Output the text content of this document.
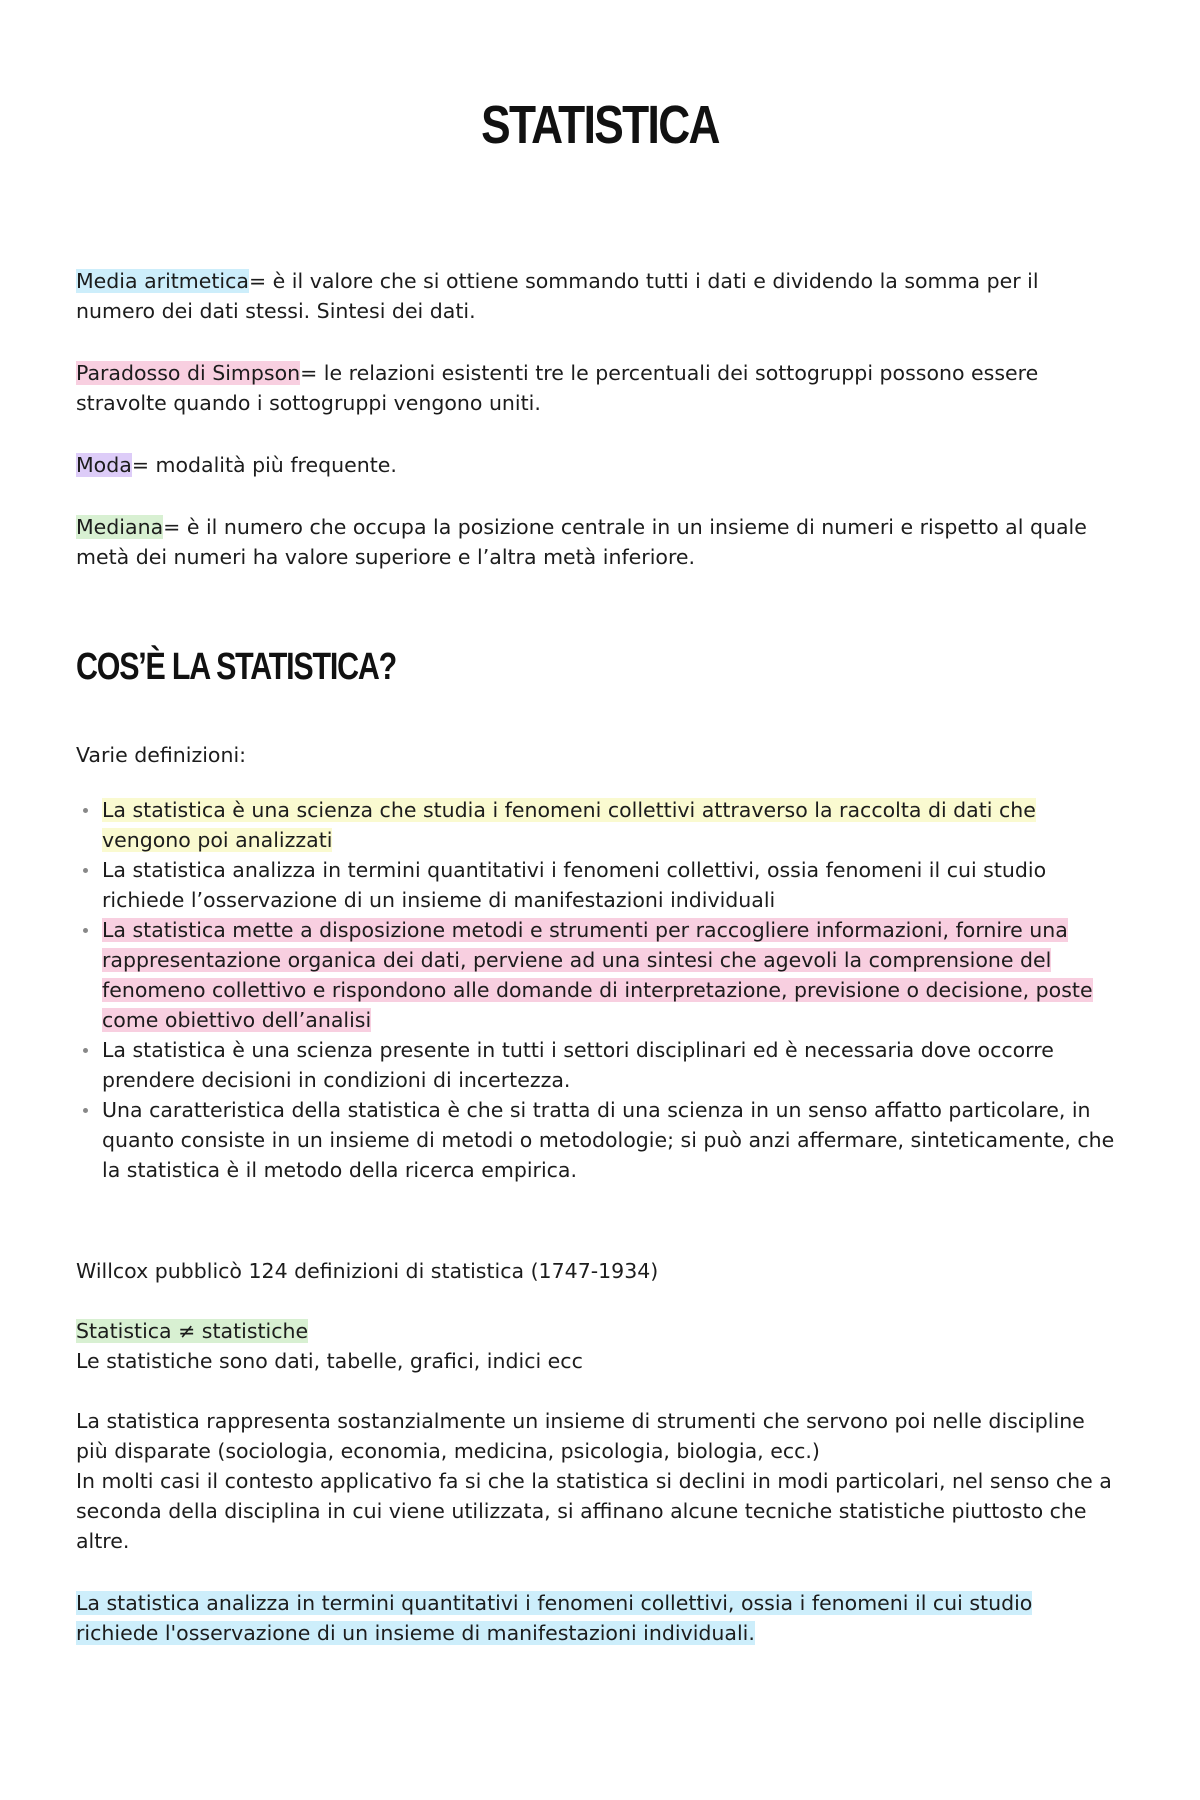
STATISTICA
Media aritmetica= è il valore che si ottiene sommando tutti i dati e dividendo la somma per il numero dei dati stessi. Sintesi dei dati.
Paradosso di Simpson= le relazioni esistenti tre le percentuali dei sottogruppi possono essere stravolte quando i sottogruppi vengono uniti.
Moda= modalità più frequente.
Mediana= è il numero che occupa la posizione centrale in un insieme di numeri e rispetto al quale metà dei numeri ha valore superiore e l’altra metà inferiore.
COS’È LA STATISTICA?
Varie definizioni:
La statistica è una scienza che studia i fenomeni collettivi attraverso la raccolta di dati che vengono poi analizzati
La statistica analizza in termini quantitativi i fenomeni collettivi, ossia fenomeni il cui studio richiede l’osservazione di un insieme di manifestazioni individuali
La statistica mette a disposizione metodi e strumenti per raccogliere informazioni, fornire una rappresentazione organica dei dati, perviene ad una sintesi che agevoli la comprensione del fenomeno collettivo e rispondono alle domande di interpretazione, previsione o decisione, poste come obiettivo dell’analisi
La statistica è una scienza presente in tutti i settori disciplinari ed è necessaria dove occorre prendere decisioni in condizioni di incertezza.
Una caratteristica della statistica è che si tratta di una scienza in un senso affatto particolare, in quanto consiste in un insieme di metodi o metodologie; si può anzi affermare, sinteticamente, che la statistica è il metodo della ricerca empirica.
Willcox pubblicò 124 definizioni di statistica (1747-1934)
Statistica ≠ statistiche
Le statistiche sono dati, tabelle, grafici, indici ecc
La statistica rappresenta sostanzialmente un insieme di strumenti che servono poi nelle discipline più disparate (sociologia, economia, medicina, psicologia, biologia, ecc.)
In molti casi il contesto applicativo fa si che la statistica si declini in modi particolari, nel senso che a seconda della disciplina in cui viene utilizzata, si affinano alcune tecniche statistiche piuttosto che altre.
La statistica analizza in termini quantitativi i fenomeni collettivi, ossia i fenomeni il cui studio richiede l'osservazione di un insieme di manifestazioni individuali.
